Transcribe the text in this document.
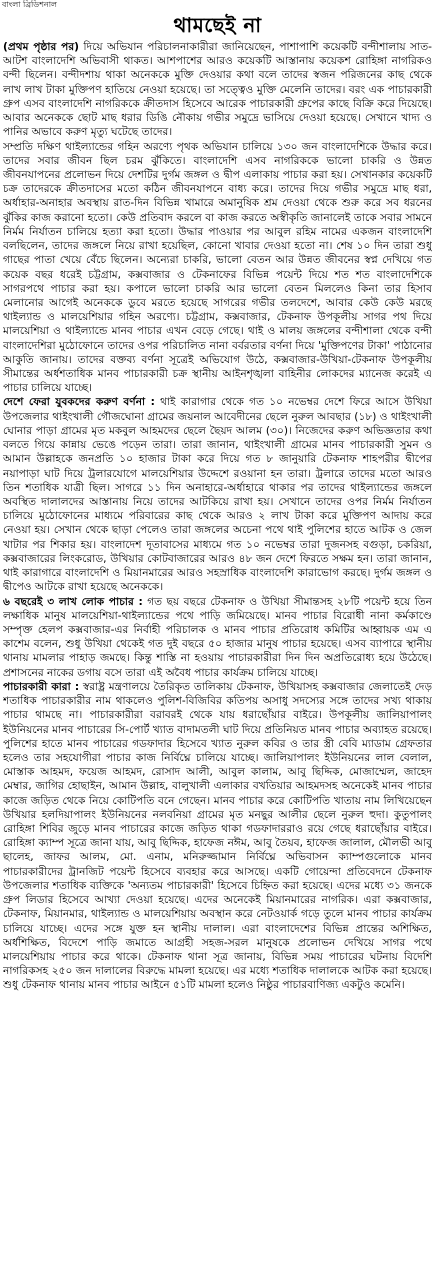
বাংলা ব্রিডিশনাল
থামছেই না

(প্রথম পৃষ্ঠার পর) দিয়ে অভিযান পরিচালনাকারীরা জানিয়েছেন, পাশাপাশি কয়েকটি বন্দীশালায় সাত-আটশ বাংলাদেশি অভিবাসী থাকত। আশপাশের আরও কয়েকটি আস্তানায় কয়েকশ রোহিঙ্গা নাগরিকও বন্দী ছিলেন। বন্দীদশায় থাকা অনেককে মুক্তি দেওয়ার কথা বলে তাদের স্বজন পরিজনের কাছ থেকে লাখ লাখ টাকা মুক্তিপণ হাতিয়ে নেওয়া হয়েছে। তা সত্ত্বেও মুক্তি মেলেনি তাদের। বরং এক পাচারকারী গ্রুপ এসব বাংলাদেশি নাগরিককে ক্রীতদাস হিসেবে আরেক পাচারকারী গ্রুপের কাছে বিক্রি করে দিয়েছে। আবার অনেককে ছোট মাছ ধরার ডিঙি নৌকায় গভীর সমুদ্রে ভাসিয়ে দেওয়া হয়েছে। সেখানে খাদ্য ও পানির অভাবে করুণ মৃত্যু ঘটেছে তাদের।

সম্প্রতি দক্ষিণ থাইল্যান্ডের গহিন অরণ্যে পৃথক অভিযান চালিয়ে ১৩০ জন বাংলাদেশিকে উদ্ধার করে। তাদের সবার জীবন ছিল চরম ঝুঁকিতে। বাংলাদেশি এসব নাগরিককে ভালো চাকরি ও উন্নত জীবনযাপনের প্রলোভন দিয়ে দেশটির দুর্গম জঙ্গল ও দ্বীপ এলাকায় পাচার করা হয়। সেখানকার কয়েকটি চক্র তাদেরকে ক্রীতদাসের মতো কঠিন জীবনযাপনে বাধ্য করে। তাদের দিয়ে গভীর সমুদ্রে মাছ ধরা, অর্ধাহার-অনাহার অবস্থায় রাত-দিন বিভিন্ন খামারে অমানুষিক শ্রম দেওয়া থেকে শুরু করে সব ধরনের ঝুঁকির কাজ করানো হতো। কেউ প্রতিবাদ করলে বা কাজ করতে অস্বীকৃতি জানালেই তাকে সবার সামনে নির্মম নির্যাতন চালিয়ে হত্যা করা হতো। উদ্ধার পাওয়ার পর আবুল রহিম নামের একজন বাংলাদেশি বলছিলেন, তাদের জঙ্গলে নিয়ে রাখা হয়েছিল, কোনো খাবার দেওয়া হতো না। শেষ ১০ দিন তারা শুধু গাছের পাতা খেয়ে বেঁচে ছিলেন। অন্যেরা চাকরি, ভালো বেতন আর উন্নত জীবনের স্বপ্ন দেখিয়ে গত কয়েক বছর ধরেই চট্টগ্রাম, কক্সবাজার ও টেকনাফের বিভিন্ন পয়েন্ট দিয়ে শত শত বাংলাদেশিকে সাগরপথে পাচার করা হয়। কপালে ভালো চাকরি আর ভালো বেতন মিললেও কিনা তার হিসাব মেলানোর আগেই অনেককে ডুবে মরতে হয়েছে সাগরের গভীর তলদেশে, আবার কেউ কেউ মরছে থাইল্যান্ড ও মালয়েশিয়ার গহিন অরণ্যে। চট্টগ্রাম, কক্সবাজার, টেকনাফ উপকূলীয় সাগর পথ দিয়ে মালয়েশিয়া ও থাইল্যান্ডে মানব পাচার এখন বেড়ে গেছে। থাই ও মালয় জঙ্গলের বন্দীশালা থেকে বন্দী বাংলাদেশিরা মুঠোফোনে তাদের ওপর পরিচালিত নানা বর্বরতার বর্ণনা দিয়ে 'মুক্তিপণের টাকা' পাঠানোর আকুতি জানায়। তাদের বক্তব্য বর্ণনা সূত্রেই অভিযোগ উঠে, কক্সবাজার-উখিয়া-টেকনাফ উপকূলীয় সীমান্তের অর্ধশতাধিক মানব পাচারকারী চক্র স্থানীয় আইনশৃঙ্খলা বাহিনীর লোকদের ম্যানেজ করেই এ পাচার চালিয়ে যাচ্ছে।

দেশে ফেরা যুবকদের করুণ বর্ণনা : থাই কারাগার থেকে গত ১০ নভেম্বর দেশে ফিরে আসে উখিয়া উপজেলার থাইংখালী গৌজঘোনা গ্রামের জয়নাল আবেদীনের ছেলে নুরুল আবছার (১৮) ও থাইংখালী ঘোনার পাড়া গ্রামের মৃত মকবুল আহমদের ছেলে ছৈয়দ আলম (৩০)। নিজেদের করুণ অভিজ্ঞতার কথা বলতে গিয়ে কান্নায় ভেঙে পড়েন তারা। তারা জানান, থাইংখালী গ্রামের মানব পাচারকারী সুমন ও আমান উল্লাহকে জনপ্রতি ১০ হাজার টাকা করে দিয়ে গত ৮ জানুয়ারি টেকনাফ শাহপরীর দ্বীপের নয়াপাড়া ঘাট দিয়ে ট্রলারযোগে মালয়েশিয়ার উদ্দেশে রওয়ানা হন তারা। ট্রলারে তাদের মতো আরও তিন শতাধিক যাত্রী ছিল। সাগরে ১১ দিন অনাহারে-অর্ধাহারে থাকার পর তাদের থাইল্যান্ডের জঙ্গলে অবস্থিত দালালদের আস্তানায় নিয়ে তাদের আটকিয়ে রাখা হয়। সেখানে তাদের ওপর নির্মম নির্যাতন চালিয়ে মুঠোফোনের মাধ্যমে পরিবারের কাছ থেকে আরও ২ লাখ টাকা করে মুক্তিপণ আদায় করে নেওয়া হয়। সেখান থেকে ছাড়া পেলেও তারা জঙ্গলের অচেনা পথে থাই পুলিশের হাতে আটক ও জেল খাটার পর শিকার হয়। বাংলাদেশ দূতাবাসের মাধ্যমে গত ১০ নভেম্বর তারা দুজনসহ বগুড়া, চকরিয়া, কক্সবাজারের লিংকরোড, উখিয়ার কোটবাজারের আরও ৪৮ জন দেশে ফিরতে সক্ষম হন। তারা জানান, থাই কারাগারে বাংলাদেশি ও মিয়ানমারের আরও সহস্রাধিক বাংলাদেশি কারাভোগ করছে। দুর্গম জঙ্গল ও দ্বীপেও আটকে রাখা হয়েছে অনেককে।

৬ বছরেই ৩ লাখ লোক পাচার : গত ছয় বছরে টেকনাফ ও উখিয়া সীমান্তসহ ২৮টি পয়েন্ট হয়ে তিন লক্ষাধিক মানুষ মালয়েশিয়া-থাইল্যান্ডের পথে পাড়ি জমিয়েছে। মানব পাচার বিরোধী নানা কর্মকাণ্ডে সম্পৃক্ত হেলপ কক্সবাজার-এর নির্বাহী পরিচালক ও মানব পাচার প্রতিরোধ কমিটির আহ্বায়ক এম এ কাশেম বলেন, শুধু উখিয়া থেকেই গত দুই বছরে ৫০ হাজার মানুষ পাচার হয়েছে। এসব ব্যাপারে স্থানীয় থানায় মামলার পাহাড় জমছে। কিন্তু শাস্তি না হওয়ায় পাচারকারীরা দিন দিন অপ্রতিরোধ্য হয়ে উঠেছে। প্রশাসনের নাকের ডগায় বসে তারা এই অবৈধ পাচার কার্যক্রম চালিয়ে যাচ্ছে।

পাচারকারী কারা : স্বরাষ্ট্র মন্ত্রণালয়ে তৈরিকৃত তালিকায় টেকনাফ, উখিয়াসহ কক্সবাজার জেলাতেই দেড় শতাধিক পাচারকারীর নাম থাকলেও পুলিশ-বিজিবির কতিপয় অসাধু সদস্যের সঙ্গে তাদের সখ্য থাকায় পাচার থামছে না। পাচারকারীরা বরাবরই থেকে যায় ধরাছোঁয়ার বাইরে। উপকূলীয় জালিয়াপালং ইউনিয়নের মানব পাচারের সি-পোর্ট খ্যাত বাদামতলী ঘাট দিয়ে প্রতিনিয়ত মানব পাচার অব্যাহত রয়েছে। পুলিশের হাতে মানব পাচারের গডফাদার হিসেবে খ্যাত নুরুল কবির ও তার স্ত্রী বেবি ম্যাডাম গ্রেফতার হলেও তার সহযোগীরা পাচার কাজ নির্বিঘ্নে চালিয়ে যাচ্ছে। জালিয়াপালং ইউনিয়নের লাল বেলাল, মোস্তাক আহমদ, ফয়েজ আহমদ, রোসাদ আলী, আবুল কালাম, আবু ছিদ্দিক, মোজাম্মেল, জাহেদ মেম্বার, জাগির হোছাইন, আমান উল্লাহ, বালুখালী এলাকার বখতিয়ার আহমদসহ অনেকেই মানব পাচার কাজে জড়িত থেকে নিয়ে কোটিপতি বনে গেছেন। মানব পাচার করে কোটিপতি খাতায় নাম লিখিয়েছেন উখিয়ার হলদিয়াপালং ইউনিয়নের নলবনিয়া গ্রামের মৃত মনছুর আলীর ছেলে নুরুল হুদা। কুতুপালং রোহিঙ্গা শিবির জুড়ে মানব পাচারের কাজে জড়িত থাকা গডফাদাররাও রয়ে গেছে ধরাছোঁয়ার বাইরে। রোহিঙ্গা ক্যাম্প সূত্রে জানা যায়, আবু ছিদ্দিক, হাফেজ নঈম, আবু তৈয়ব, হাফেজ জালাল, মৌলভী আবু ছালেহ, জাফর আলম, মো. এনাম, মনিরুজ্জামান নির্বিঘ্নে অভিবাসন ক্যাম্পগুলোকে মানব পাচারকারীদের ট্রানজিট পয়েন্ট হিসেবে ব্যবহার করে আসছে। একটি গোয়েন্দা প্রতিবেদনে টেকনাফ উপজেলার শতাধিক ব্যক্তিকে 'অন্যতম পাচারকারী' হিসেবে চিহ্নিত করা হয়েছে। এদের মধ্যে ৩১ জনকে গ্রুপ লিডার হিসেবে আখ্যা দেওয়া হয়েছে। এদের অনেকেই মিয়ানমারের নাগরিক। এরা কক্সবাজার, টেকনাফ, মিয়ানমার, থাইল্যান্ড ও মালয়েশিয়ায় অবস্থান করে নেটওয়ার্ক গড়ে তুলে মানব পাচার কার্যক্রম চালিয়ে যাচ্ছে। এদের সঙ্গে যুক্ত হন স্থানীয় দালাল। এরা বাংলাদেশের বিভিন্ন প্রান্তের অশিক্ষিত, অর্ধশিক্ষিত, বিদেশে পাড়ি জমাতে আগ্রহী সহজ-সরল মানুষকে প্রলোভন দেখিয়ে সাগর পথে মালয়েশিয়ায় পাচার করে থাকে। টেকনাফ থানা সূত্র জানায়, বিভিন্ন সময় পাচারের ঘটনায় বিদেশি নাগরিকসহ ২৫০ জন দালালের বিরুদ্ধে মামলা হয়েছে। এর মধ্যে শতাধিক দালালকে আটক করা হয়েছে। শুধু টেকনাফ থানায় মানব পাচার আইনে ৫১টি মামলা হলেও নিষ্ঠুর পাচারবাণিজ্য একটুও কমেনি।
